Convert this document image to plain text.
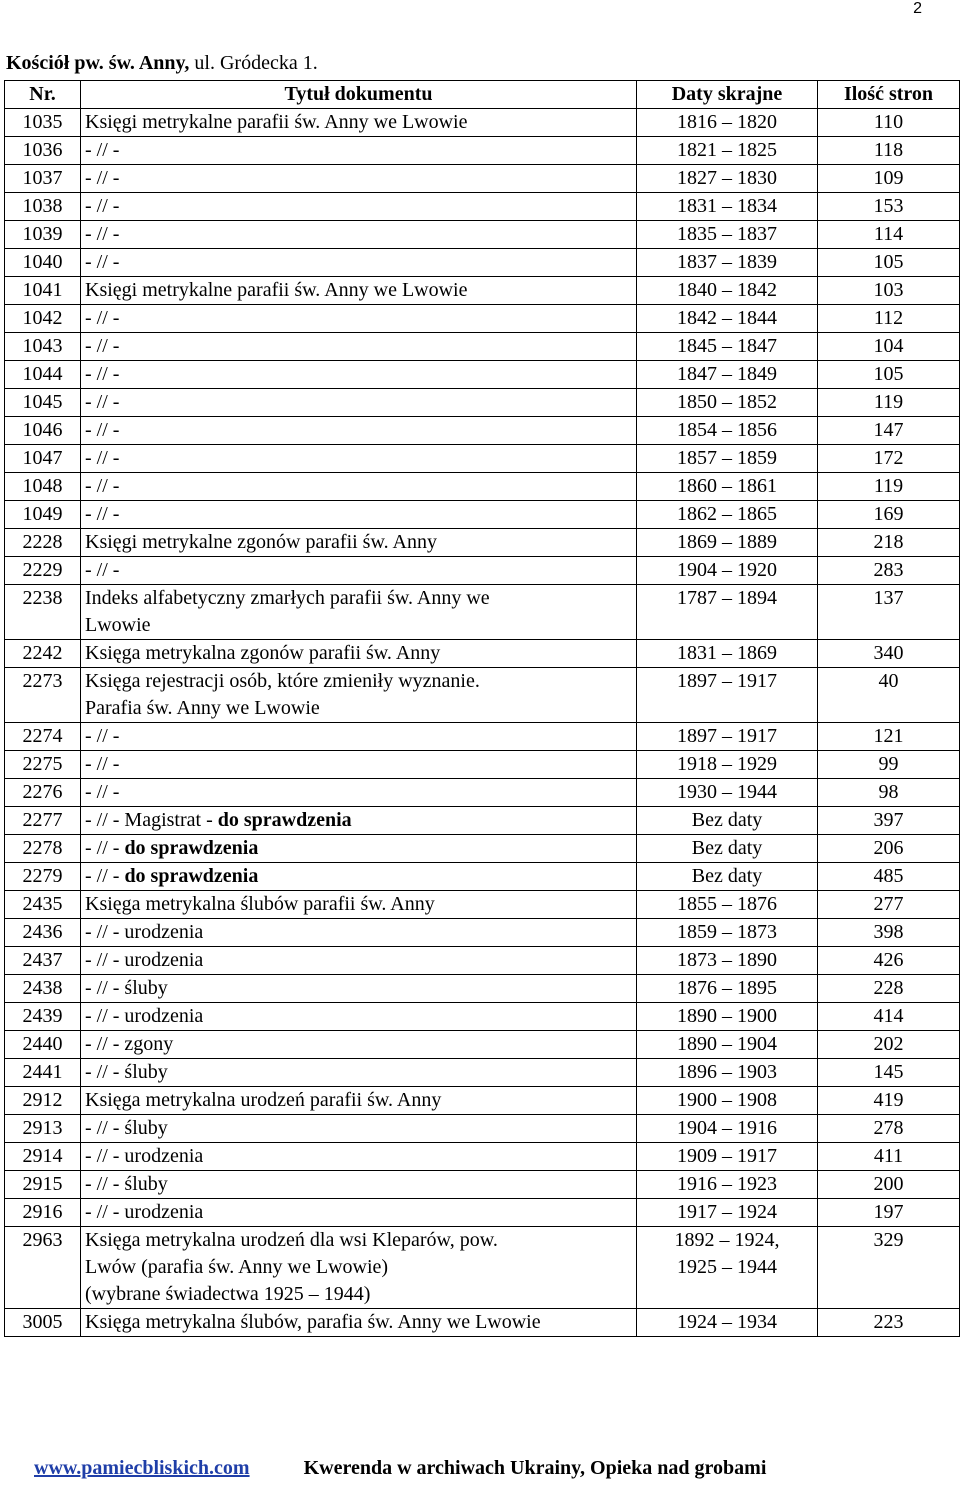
2
Kościół pw. św. Anny, ul. Gródecka 1.
Nr.	Tytuł dokumentu	Daty skrajne	Ilość stron
1035	Księgi metrykalne parafii św. Anny we Lwowie	1816 – 1820	110
1036	- // -	1821 – 1825	118
1037	- // -	1827 – 1830	109
1038	- // -	1831 – 1834	153
1039	- // -	1835 – 1837	114
1040	- // -	1837 – 1839	105
1041	Księgi metrykalne parafii św. Anny we Lwowie	1840 – 1842	103
1042	- // -	1842 – 1844	112
1043	- // -	1845 – 1847	104
1044	- // -	1847 – 1849	105
1045	- // -	1850 – 1852	119
1046	- // -	1854 – 1856	147
1047	- // -	1857 – 1859	172
1048	- // -	1860 – 1861	119
1049	- // -	1862 – 1865	169
2228	Księgi metrykalne zgonów parafii św. Anny	1869 – 1889	218
2229	- // -	1904 – 1920	283
2238	Indeks alfabetyczny zmarłych parafii św. Anny we
Lwowie	1787 – 1894	137
2242	Księga metrykalna zgonów parafii św. Anny	1831 – 1869	340
2273	Księga rejestracji osób, które zmieniły wyznanie.
Parafia św. Anny we Lwowie	1897 – 1917	40
2274	- // -	1897 – 1917	121
2275	- // -	1918 – 1929	99
2276	- // -	1930 – 1944	98
2277	- // - Magistrat - do sprawdzenia	Bez daty	397
2278	- // - do sprawdzenia	Bez daty	206
2279	- // - do sprawdzenia	Bez daty	485
2435	Księga metrykalna ślubów parafii św. Anny	1855 – 1876	277
2436	- // - urodzenia	1859 – 1873	398
2437	- // - urodzenia	1873 – 1890	426
2438	- // - śluby	1876 – 1895	228
2439	- // - urodzenia	1890 – 1900	414
2440	- // - zgony	1890 – 1904	202
2441	- // - śluby	1896 – 1903	145
2912	Księga metrykalna urodzeń parafii św. Anny	1900 – 1908	419
2913	- // - śluby	1904 – 1916	278
2914	- // - urodzenia	1909 – 1917	411
2915	- // - śluby	1916 – 1923	200
2916	- // - urodzenia	1917 – 1924	197
2963	Księga metrykalna urodzeń dla wsi Kleparów, pow.
Lwów (parafia św. Anny we Lwowie)
(wybrane świadectwa 1925 – 1944)	1892 – 1924,
1925 – 1944	329
3005	Księga metrykalna ślubów, parafia św. Anny we Lwowie	1924 – 1934	223
www.pamiecbliskich.com	Kwerenda w archiwach Ukrainy, Opieka nad grobami
